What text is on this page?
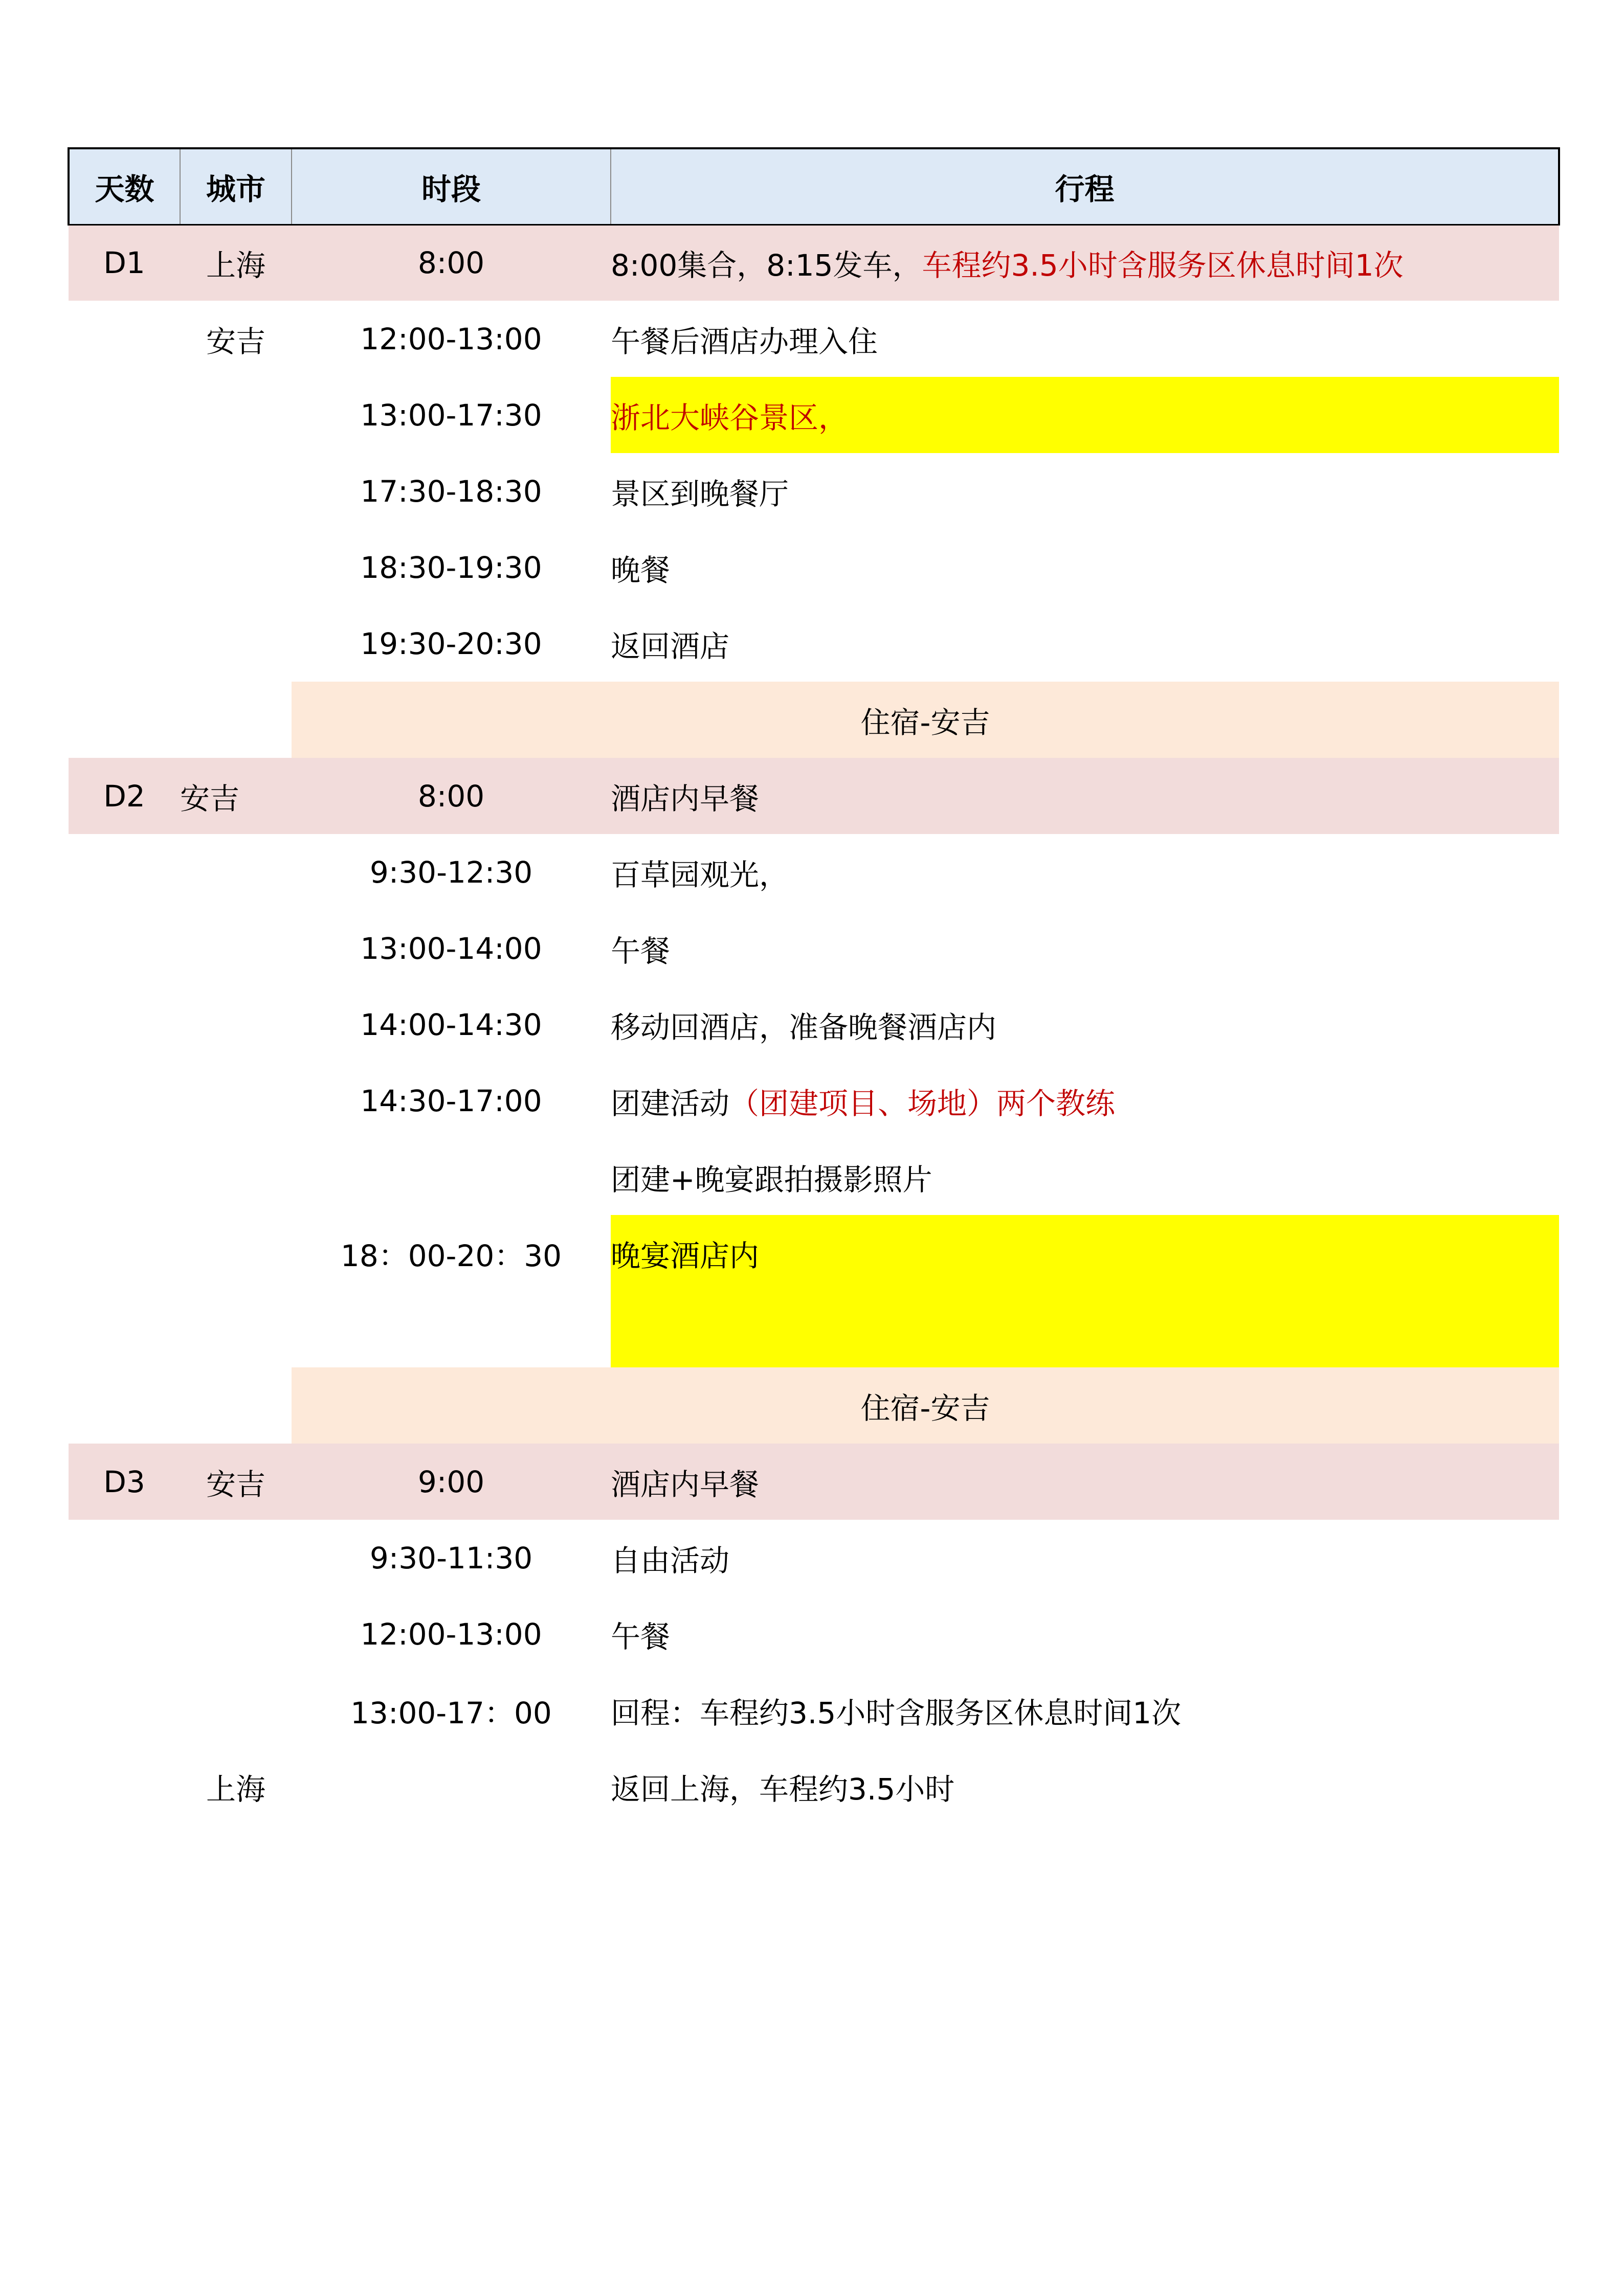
天数	城市	时段	行程
D1	上海	8:00	8:00集合，8:15发车，车程约3.5小时含服务区休息时间1次
	安吉	12:00-13:00	午餐后酒店办理入住
		13:00-17:30	浙北大峡谷景区，
		17:30-18:30	景区到晚餐厅
		18:30-19:30	晚餐
		19:30-20:30	返回酒店
		住宿-安吉	
D2	安吉	8:00	酒店内早餐
		9:30-12:30	百草园观光，
		13:00-14:00	午餐
		14:00-14:30	移动回酒店，准备晚餐酒店内
		14:30-17:00	团建活动（团建项目、场地）两个教练
			团建+晚宴跟拍摄影照片
		18：00-20：30	晚宴酒店内

		住宿-安吉	
D3	安吉	9:00	酒店内早餐
		9:30-11:30	自由活动
		12:00-13:00	午餐
		13:00-17：00	回程：车程约3.5小时含服务区休息时间1次
	上海		返回上海，车程约3.5小时
